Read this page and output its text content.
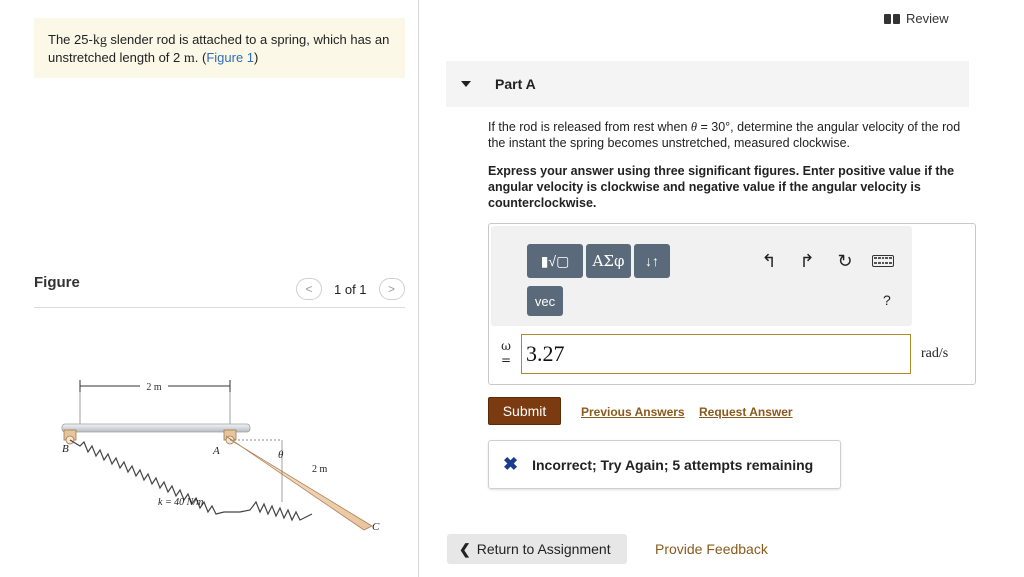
The 25-kg slender rod is attached to a spring, which has an unstretched length of 2 m. (Figure 1)
Figure	< 1 of 1 >
2 m
B	A	θ
2 m
k = 40 N/m
C
Review
Part A
If the rod is released from rest when θ = 30°, determine the angular velocity of the rod the instant the spring becomes unstretched, measured clockwise.
Express your answer using three significant figures. Enter positive value if the angular velocity is clockwise and negative value if the angular velocity is counterclockwise.
▮√▢	ΑΣφ	↓↑
vec
↰	↱	↻
?
ω
= 3.27	rad/s
Submit	Previous Answers Request Answer
✖ Incorrect; Try Again; 5 attempts remaining
❮ Return to Assignment	Provide Feedback
